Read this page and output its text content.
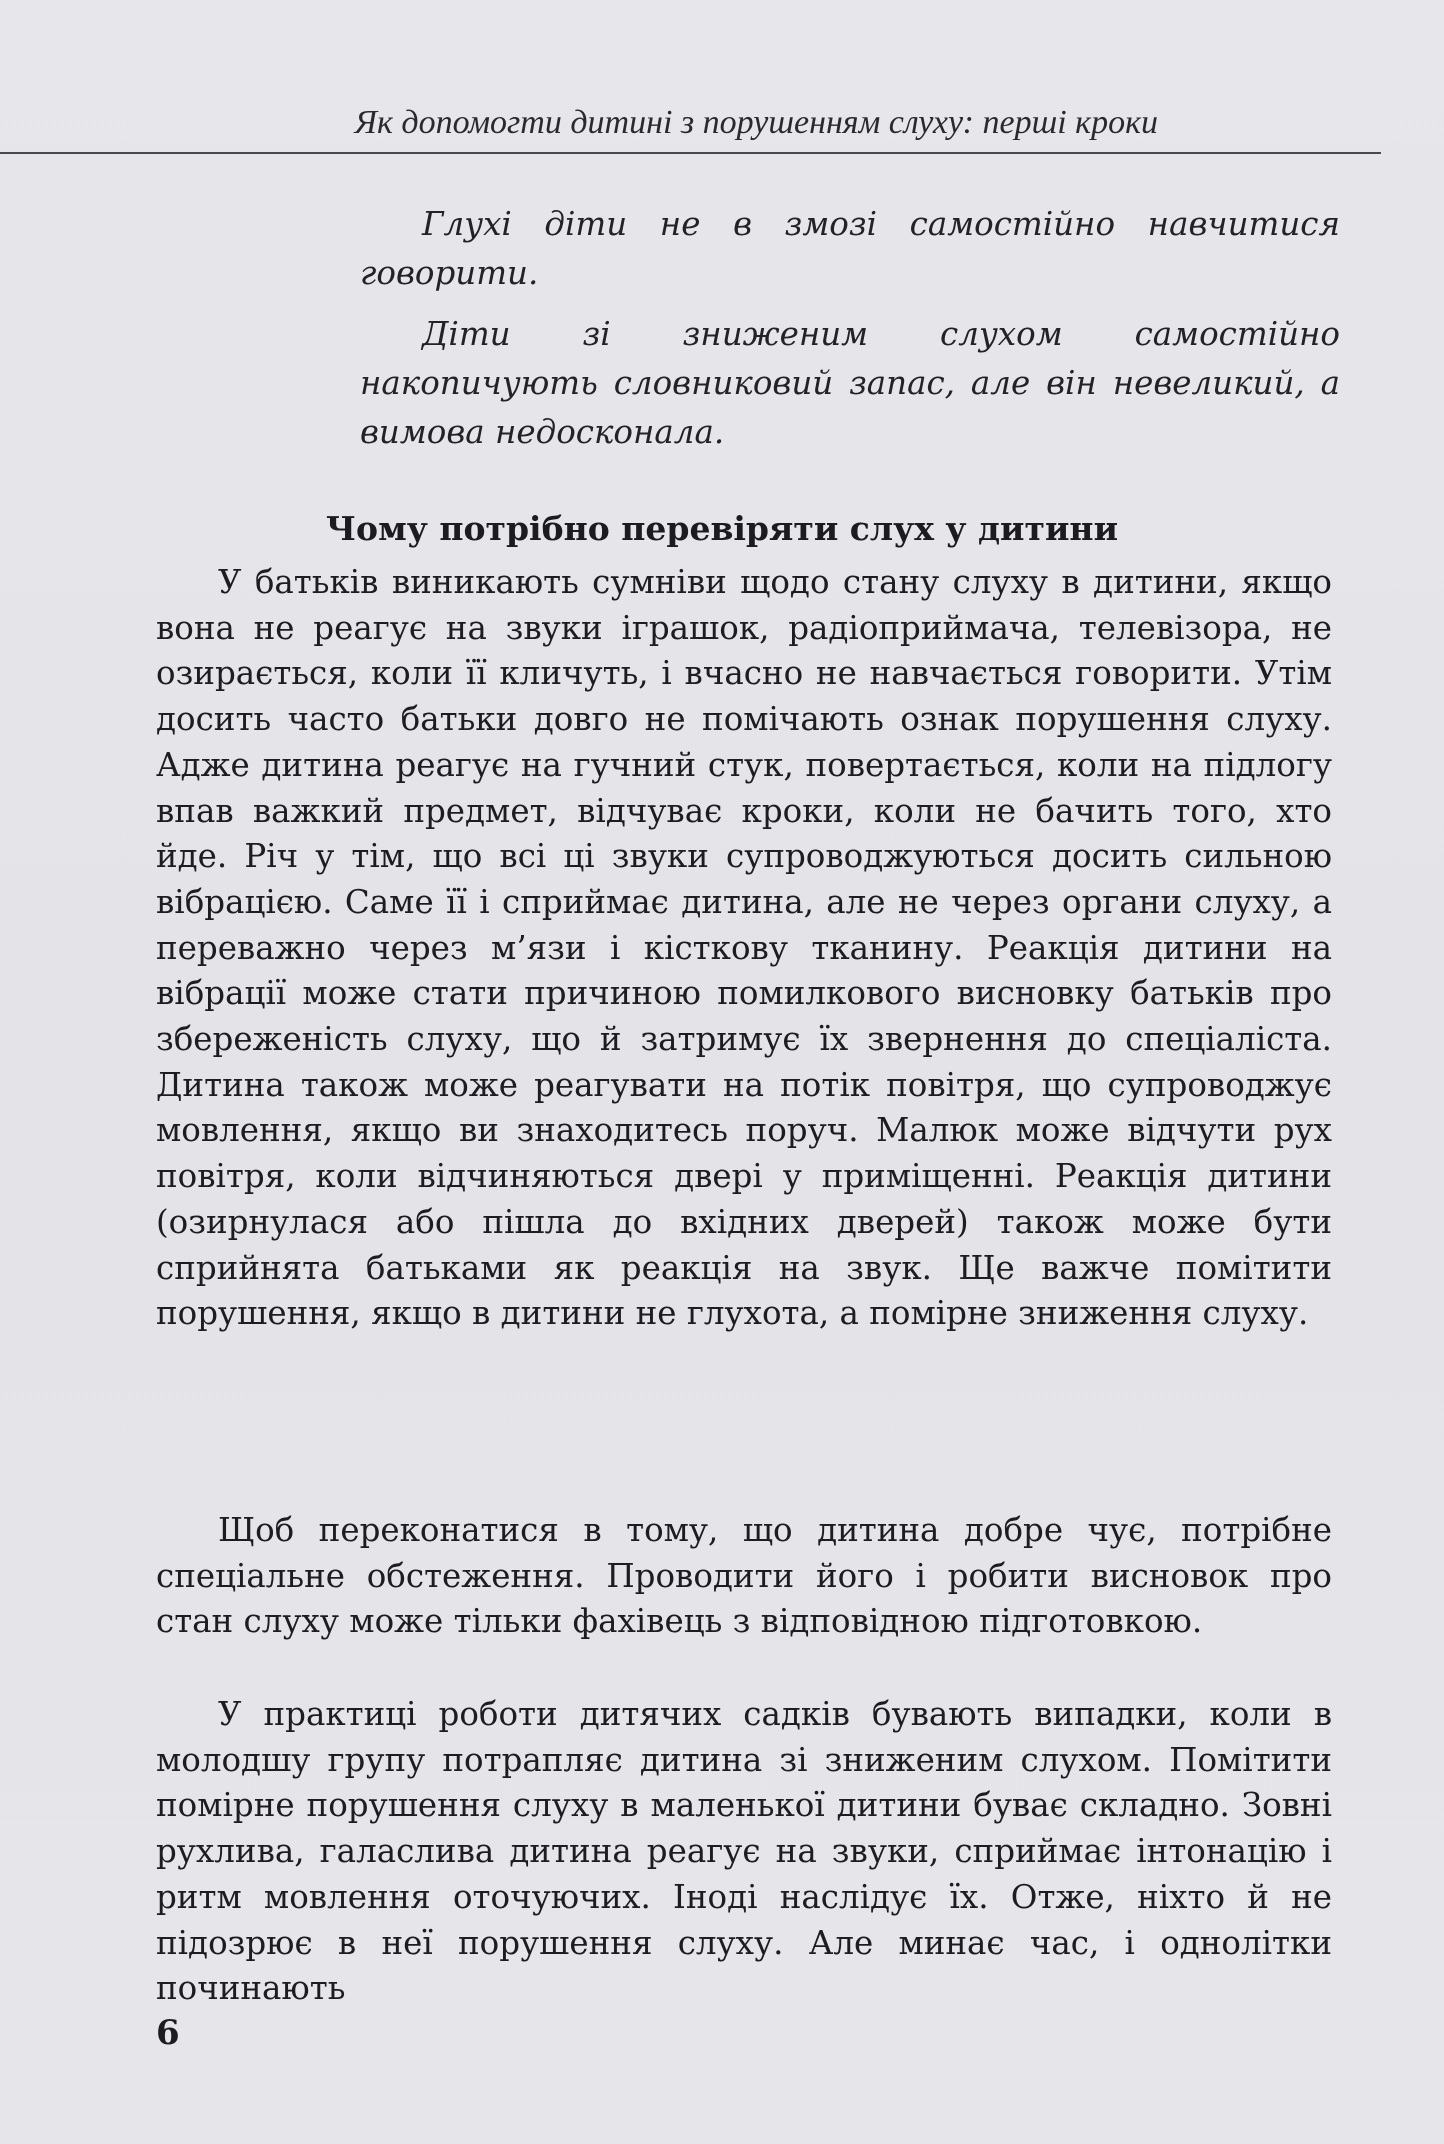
Як допомогти дитині з порушенням слуху: перші кроки

Глухі діти не в змозі самостійно навчитися говорити.

Діти зі зниженим слухом самостійно накопичують словниковий запас, але він невеликий, а вимова недосконала.

Чому потрібно перевіряти слух у дитини

У батьків виникають сумніви щодо стану слуху в дитини, якщо вона не реагує на звуки іграшок, радіоприймача, телевізора, не озирається, коли її кличуть, і вчасно не навчається говорити. Утім досить часто батьки довго не помічають ознак порушення слуху. Адже дитина реагує на гучний стук, повертається, коли на підлогу впав важкий предмет, відчуває кроки, коли не бачить того, хто йде. Річ у тім, що всі ці звуки супроводжуються досить сильною вібрацією. Саме її і сприймає дитина, але не через органи слуху, а переважно через м’язи і кісткову тканину. Реакція дитини на вібрації може стати причиною помилкового висновку батьків про збереженість слуху, що й затримує їх звернення до спеціаліста. Дитина також може реагувати на потік повітря, що супроводжує мовлення, якщо ви знаходитесь поруч. Малюк може відчути рух повітря, коли відчиняються двері у приміщенні. Реакція дитини (озирнулася або пішла до вхідних дверей) також може бути сприйнята батьками як реакція на звук. Ще важче помітити порушення, якщо в дитини не глухота, а помірне зниження слуху.

Щоб переконатися в тому, що дитина добре чує, потрібне спеціальне обстеження. Проводити його і робити висновок про стан слуху може тільки фахівець з відповідною підготовкою.

У практиці роботи дитячих садків бувають випадки, коли в молодшу групу потрапляє дитина зі зниженим слухом. Помітити помірне порушення слуху в маленької дитини буває складно. Зовні рухлива, галаслива дитина реагує на звуки, сприймає інтонацію і ритм мовлення оточуючих. Іноді наслідує їх. Отже, ніхто й не підозрює в неї порушення слуху. Але минає час, і однолітки починають

6
